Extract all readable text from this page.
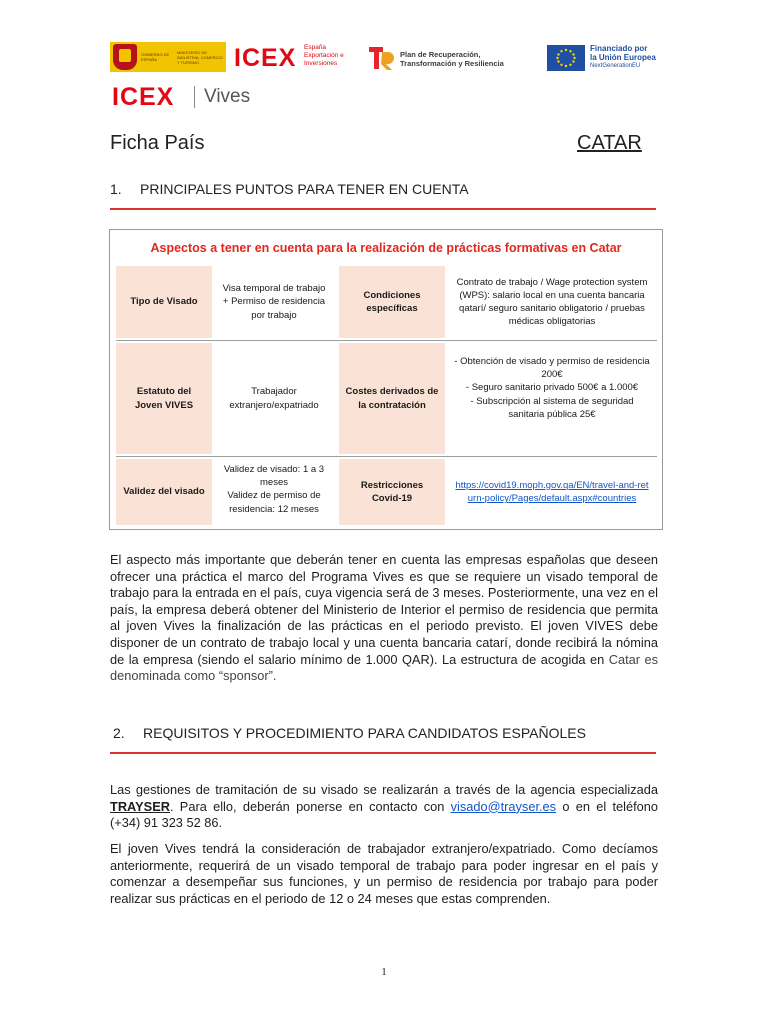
GOBIERNO DE ESPAÑA
MINISTERIO DE INDUSTRIA, COMERCIO Y TURISMO	ICEX España Exportación e Inversiones
Plan de Recuperación,
Transformación y Resiliencia
Financiado por
la Unión Europea
NextGenerationEU
ICEX Vives
Ficha País	CATAR
1. PRINCIPALES PUNTOS PARA TENER EN CUENTA
Aspectos a tener en cuenta para la realización de prácticas formativas en Catar
Tipo de Visado
Visa temporal de trabajo + Permiso de residencia por trabajo
Condiciones específicas
Contrato de trabajo / Wage protection system (WPS): salario local en una cuenta bancaria qatarí/ seguro sanitario obligatorio / pruebas médicas obligatorias
Estatuto del Joven VIVES
Trabajador extranjero/expatriado
Costes derivados de la contratación
- Obtención de visado y permiso de residencia 200€
- Seguro sanitario privado 500€ a 1.000€
- Subscripción al sistema de seguridad sanitaria pública 25€
Validez del visado
Validez de visado: 1 a 3 meses
Validez de permiso de residencia: 12 meses
Restricciones Covid-19
https://covid19.moph.gov.qa/EN/travel-and-return-policy/Pages/default.aspx#countries
El aspecto más importante que deberán tener en cuenta las empresas españolas que deseen ofrecer una práctica el marco del Programa Vives es que se requiere un visado temporal de trabajo para la entrada en el país, cuya vigencia será de 3 meses. Posteriormente, una vez en el país, la empresa deberá obtener del Ministerio de Interior el permiso de residencia que permita al joven Vives la finalización de las prácticas en el periodo previsto. El joven VIVES debe disponer de un contrato de trabajo local y una cuenta bancaria catarí, donde recibirá la nómina de la empresa (siendo el salario mínimo de 1.000 QAR). La estructura de acogida en Catar es denominada como “sponsor”.
2. REQUISITOS Y PROCEDIMIENTO PARA CANDIDATOS ESPAÑOLES
Las gestiones de tramitación de su visado se realizarán a través de la agencia especializada TRAYSER. Para ello, deberán ponerse en contacto con visado@trayser.es o en el teléfono (+34) 91 323 52 86.
El joven Vives tendrá la consideración de trabajador extranjero/expatriado. Como decíamos anteriormente, requerirá de un visado temporal de trabajo para poder ingresar en el país y comenzar a desempeñar sus funciones, y un permiso de residencia por trabajo para poder realizar sus prácticas en el periodo de 12 o 24 meses que estas comprenden.
1
